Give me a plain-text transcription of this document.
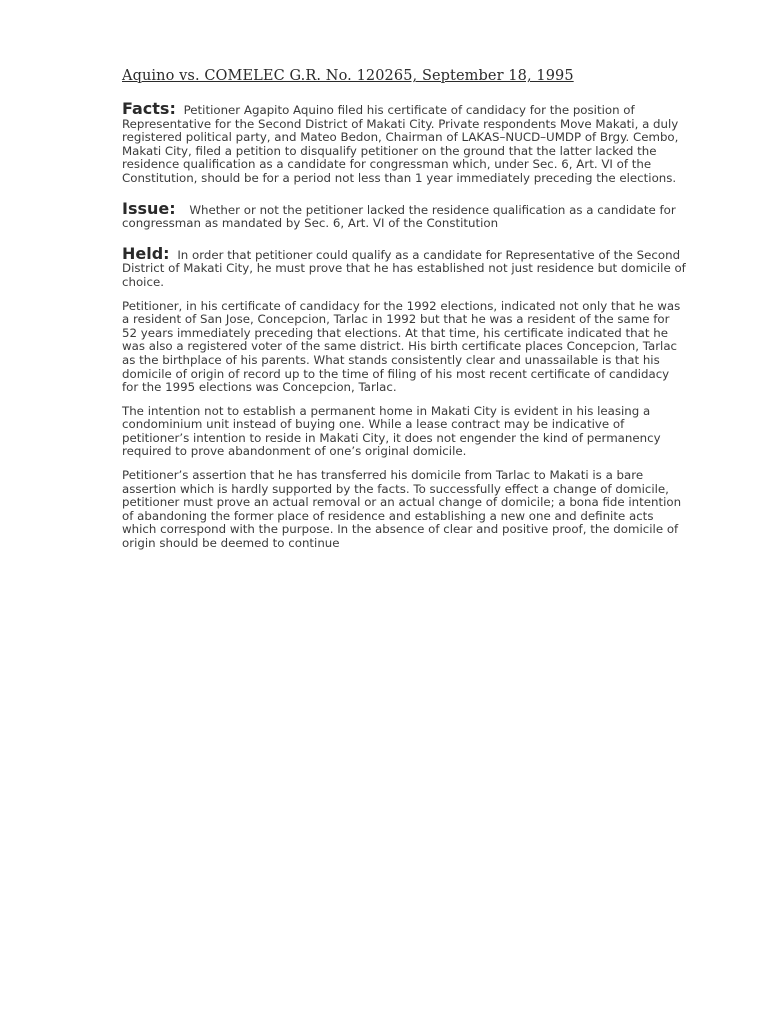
Aquino vs. COMELEC G.R. No. 120265, September 18, 1995

Facts: Petitioner Agapito Aquino filed his certificate of candidacy for the position of Representative for the Second District of Makati City. Private respondents Move Makati, a duly registered political party, and Mateo Bedon, Chairman of LAKAS–NUCD–UMDP of Brgy. Cembo, Makati City, filed a petition to disqualify petitioner on the ground that the latter lacked the residence qualification as a candidate for congressman which, under Sec. 6, Art. VI of the Constitution, should be for a period not less than 1 year immediately preceding the elections.

Issue: Whether or not the petitioner lacked the residence qualification as a candidate for congressman as mandated by Sec. 6, Art. VI of the Constitution

Held: In order that petitioner could qualify as a candidate for Representative of the Second District of Makati City, he must prove that he has established not just residence but domicile of choice.

Petitioner, in his certificate of candidacy for the 1992 elections, indicated not only that he was a resident of San Jose, Concepcion, Tarlac in 1992 but that he was a resident of the same for 52 years immediately preceding that elections. At that time, his certificate indicated that he was also a registered voter of the same district. His birth certificate places Concepcion, Tarlac as the birthplace of his parents. What stands consistently clear and unassailable is that his domicile of origin of record up to the time of filing of his most recent certificate of candidacy for the 1995 elections was Concepcion, Tarlac.

The intention not to establish a permanent home in Makati City is evident in his leasing a condominium unit instead of buying one. While a lease contract may be indicative of petitioner’s intention to reside in Makati City, it does not engender the kind of permanency required to prove abandonment of one’s original domicile.

Petitioner’s assertion that he has transferred his domicile from Tarlac to Makati is a bare assertion which is hardly supported by the facts. To successfully effect a change of domicile, petitioner must prove an actual removal or an actual change of domicile; a bona fide intention of abandoning the former place of residence and establishing a new one and definite acts which correspond with the purpose. In the absence of clear and positive proof, the domicile of origin should be deemed to continue
